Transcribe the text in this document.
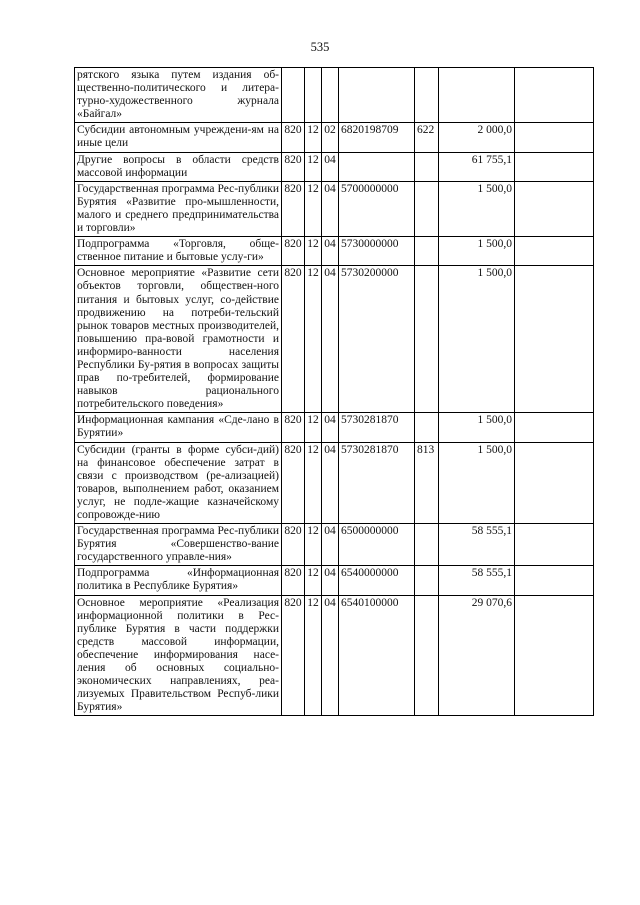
535
рятского языка путем издания об-щественно-политического и литера-турно-художественного журнала «Байгал»							
Субсидии автономным учреждени-ям на иные цели	820	12	02	6820198709	622	2 000,0	
Другие вопросы в области средств массовой информации	820	12	04			61 755,1	
Государственная программа Рес-публики Бурятия «Развитие про-мышленности, малого и среднего предпринимательства и торговли»	820	12	04	5700000000		1 500,0	
Подпрограмма «Торговля, обще-ственное питание и бытовые услу-ги»	820	12	04	5730000000		1 500,0	
Основное мероприятие «Развитие сети объектов торговли, обществен-ного питания и бытовых услуг, со-действие продвижению на потреби-тельский рынок товаров местных производителей, повышению пра-вовой грамотности и информиро-ванности населения Республики Бу-рятия в вопросах защиты прав по-требителей, формирование навыков рационального потребительского поведения»	820	12	04	5730200000		1 500,0	
Информационная кампания «Сде-лано в Бурятии»	820	12	04	5730281870		1 500,0	
Субсидии (гранты в форме субси-дий) на финансовое обеспечение затрат в связи с производством (ре-ализацией) товаров, выполнением работ, оказанием услуг, не подле-жащие казначейскому сопровожде-нию	820	12	04	5730281870	813	1 500,0	
Государственная программа Рес-публики Бурятия «Совершенство-вание государственного управле-ния»	820	12	04	6500000000		58 555,1	
Подпрограмма «Информационная политика в Республике Бурятия»	820	12	04	6540000000		58 555,1	
Основное мероприятие «Реализация информационной политики в Рес-публике Бурятия в части поддержки средств массовой информации, обеспечение информирования насе-ления об основных социально-экономических направлениях, реа-лизуемых Правительством Респуб-лики Бурятия»	820	12	04	6540100000		29 070,6	
